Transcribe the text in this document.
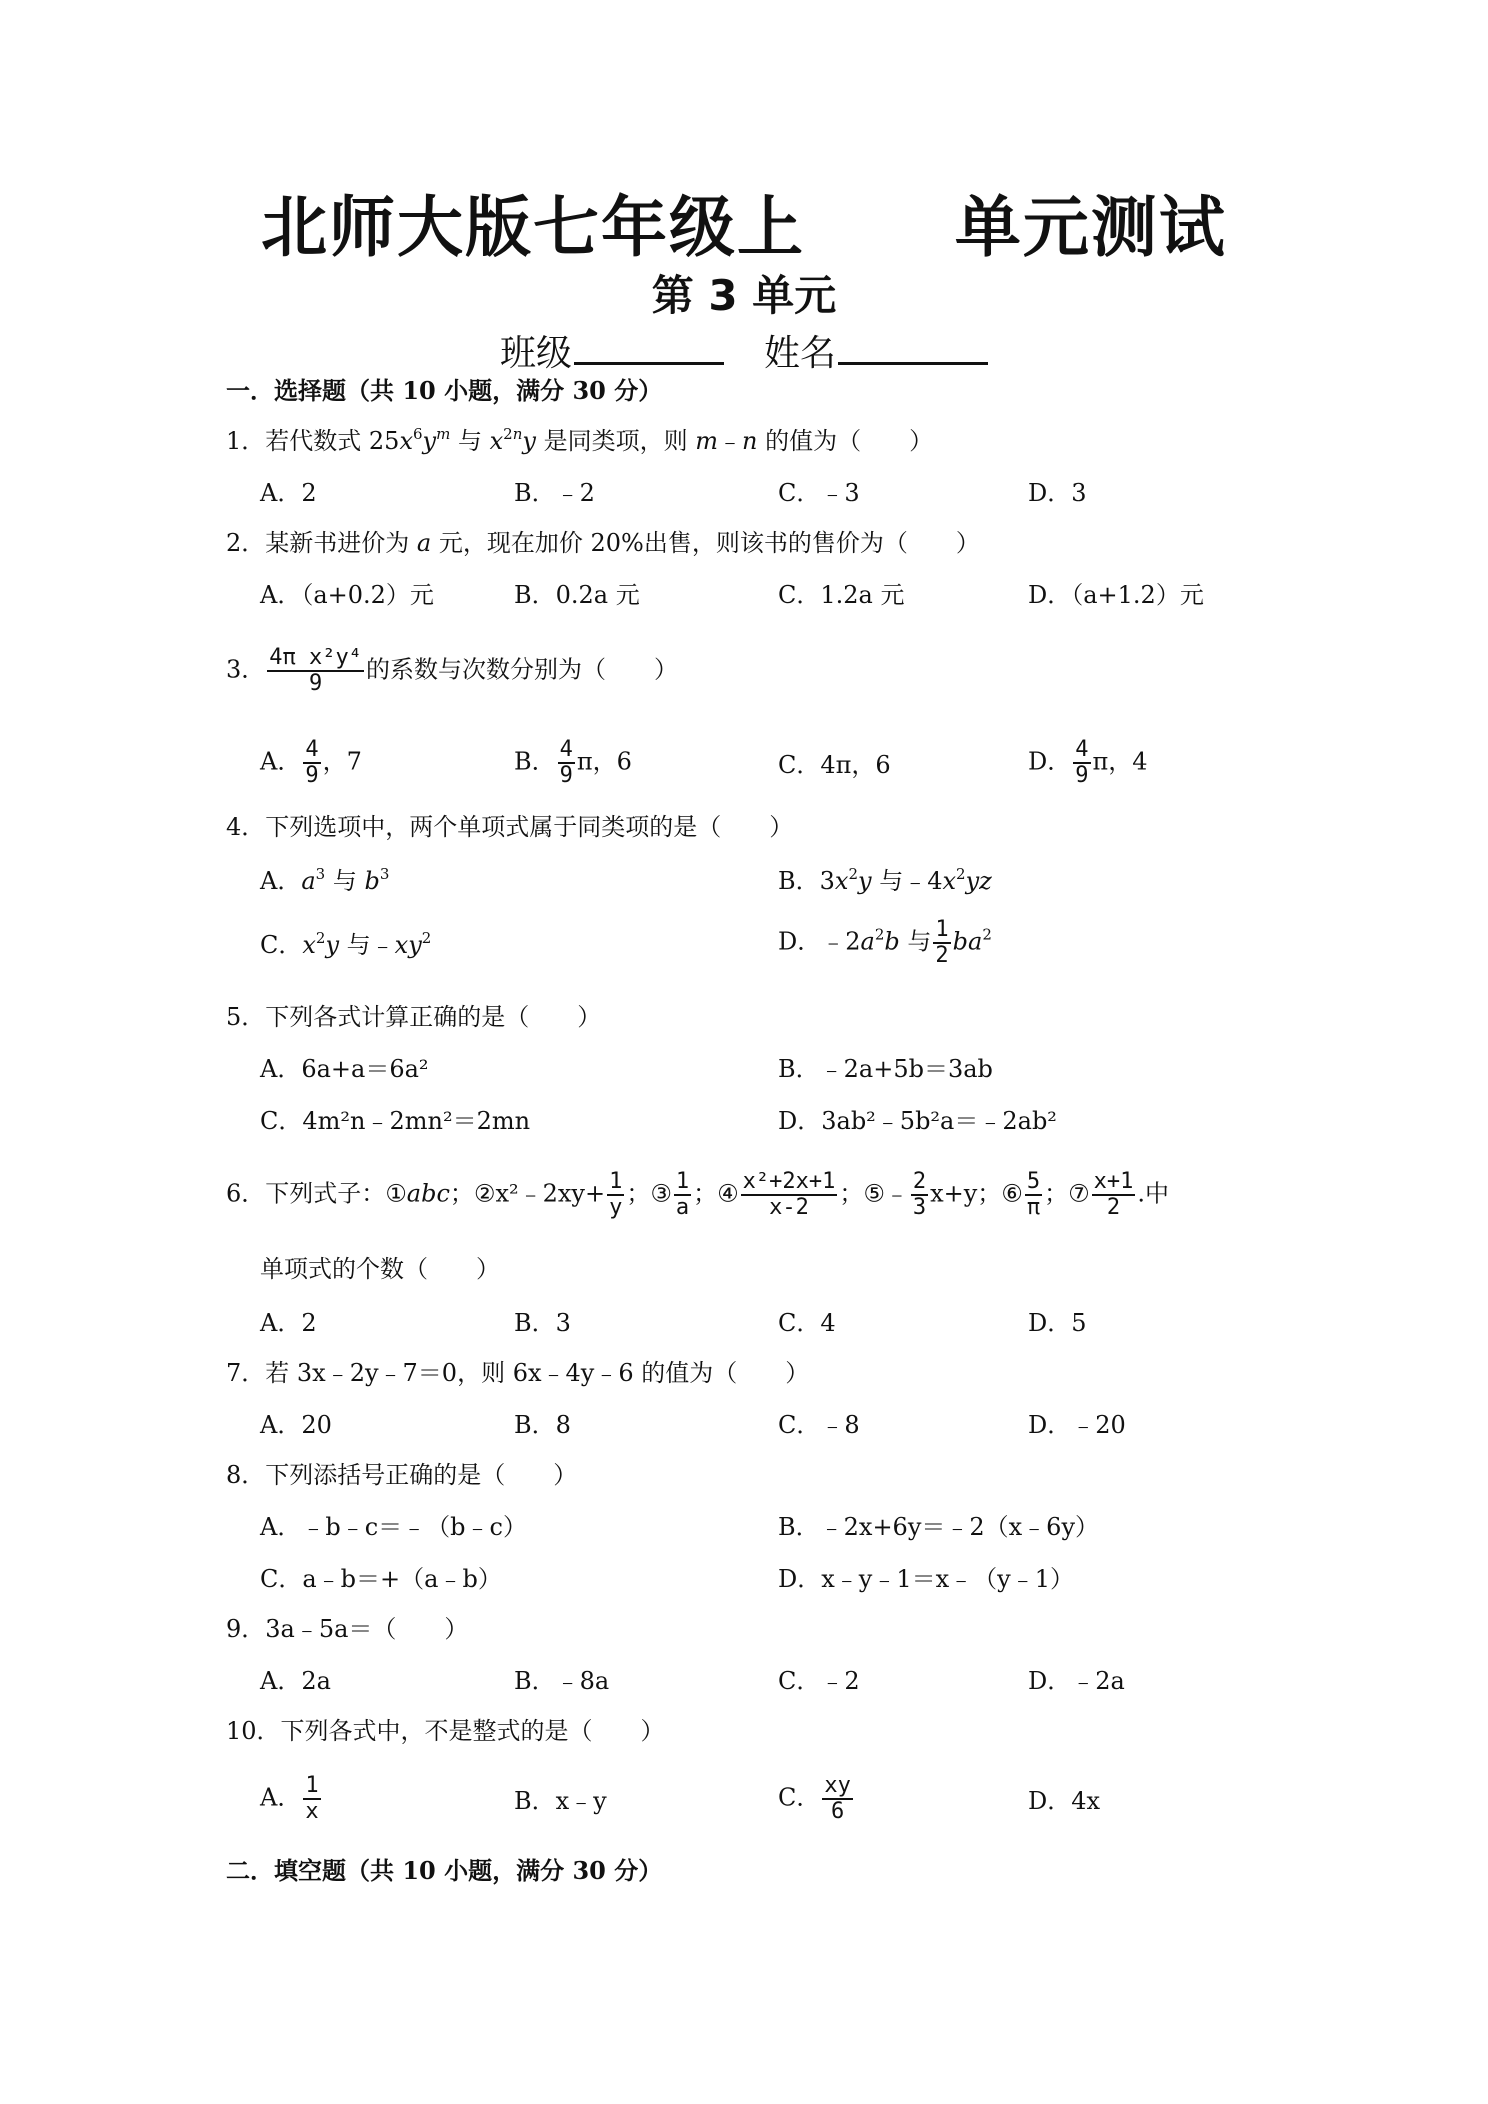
北师大版七年级上      单元测试
第 3 单元
班级	姓名
一．选择题（共 10 小题，满分 30 分）
1．若代数式 $25x^6y^m$ 与 $x^{2n}y$ 是同类项，则 m﹣n 的值为（　　）
A．2	B．﹣2	C．﹣3	D．3
2．某新书进价为 a 元，现在加价 20%出售，则该书的售价为（　　）
A．（a+0.2）元	B．0.2a 元	C．1.2a 元	D．（a+1.2）元
3． $\frac{\text{4π x²y⁴}}{9}$ 的系数与次数分别为（　　）
A． $\frac{4}{9}$ ，7	B． $\frac{4}{9}$ π，6	C．4π，6	D． $\frac{4}{9}$ π，4
4．下列选项中，两个单项式属于同类项的是（　　）
A．$a^3$ 与 $b^3$	B．$3x^2y$ 与$﹣4x^2yz$
C．$x^2y$ 与$﹣xy^2$	D．$﹣2a^2b$ 与 $\frac{1}{2} ba^2$
5．下列各式计算正确的是（　　）
A．6a+a＝6a²	B．﹣2a+5b＝3ab
C．4m²n﹣2mn²＝2mn	D．3ab²﹣5b²a＝﹣2ab²
6．下列式子：①abc；②x²﹣2xy+ $\frac{1}{y}$ ；③ $\frac{1}{a}$ ；④ $\frac{\text{x²+2x+1}}{x-2}$ ；⑤﹣ $\frac{2}{3} x+y$；⑥ $\frac{5}{\pi}$ ；⑦ $\frac{x+1}{2}$ .中
单项式的个数（　　）
A．2	B．3	C．4	D．5
7．若 3x﹣2y﹣7＝0，则 6x﹣4y﹣6 的值为（　　）
A．20	B．8	C．﹣8	D．﹣20
8．下列添括号正确的是（　　）
A．﹣b﹣c＝﹣（b﹣c）	B．﹣2x+6y＝﹣2（x﹣6y）
C．a﹣b＝+（a﹣b）	D．x﹣y﹣1＝x﹣（y﹣1）
9．3a﹣5a＝（　　）
A．2a	B．﹣8a	C．﹣2	D．﹣2a
10．下列各式中，不是整式的是（　　）
A． $\frac{1}{x}$	B．x﹣y	C． $\frac{xy}{6}$	D．4x
二．填空题（共 10 小题，满分 30 分）
